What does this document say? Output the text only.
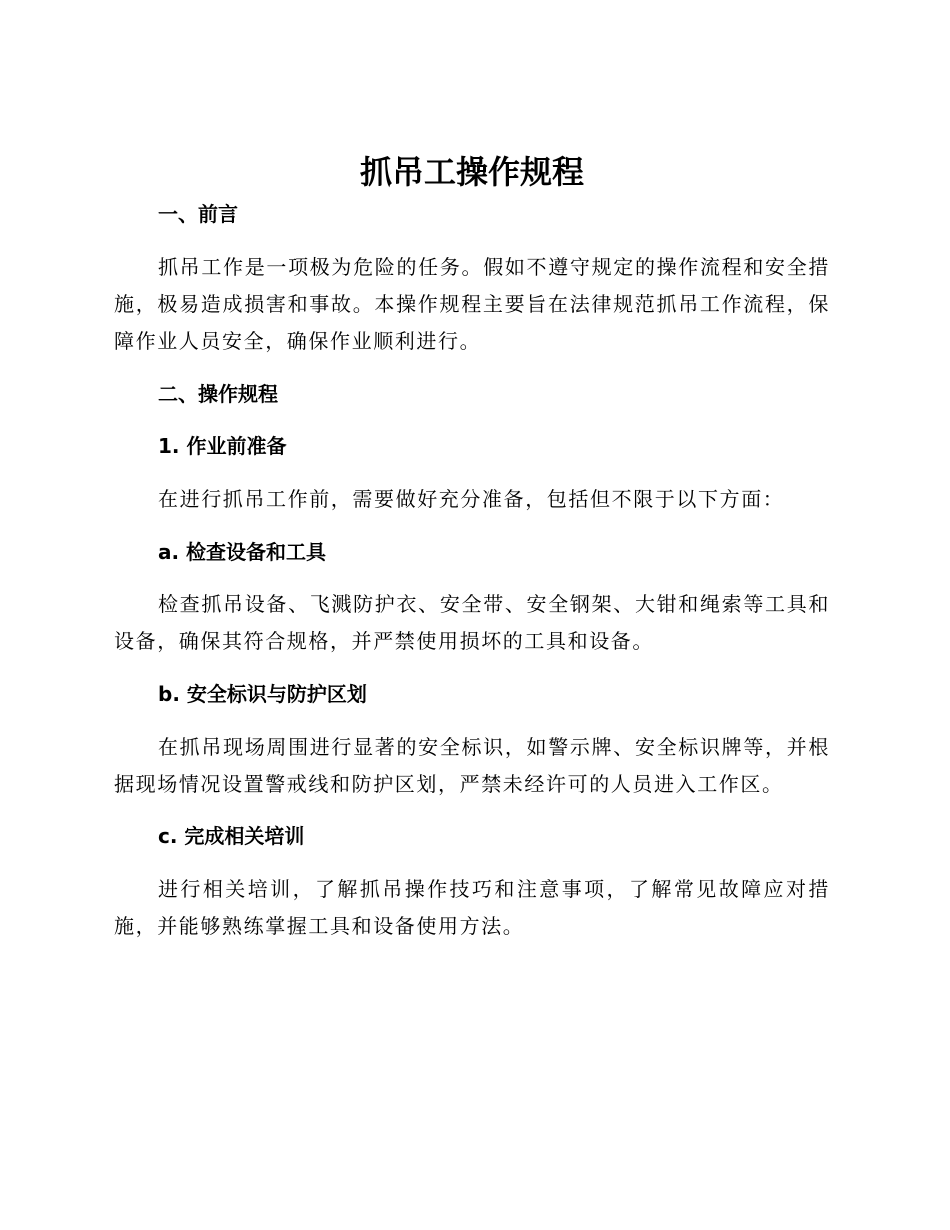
抓吊工操作规程
一、前言

抓吊工作是一项极为危险的任务。假如不遵守规定的操作流程和安全措施，极易造成损害和事故。本操作规程主要旨在法律规范抓吊工作流程，保障作业人员安全，确保作业顺利进行。

二、操作规程
1. 作业前准备

在进行抓吊工作前，需要做好充分准备，包括但不限于以下方面：

a. 检查设备和工具

检查抓吊设备、飞溅防护衣、安全带、安全钢架、大钳和绳索等工具和设备，确保其符合规格，并严禁使用损坏的工具和设备。

b. 安全标识与防护区划

在抓吊现场周围进行显著的安全标识，如警示牌、安全标识牌等，并根据现场情况设置警戒线和防护区划，严禁未经许可的人员进入工作区。

c. 完成相关培训

进行相关培训，了解抓吊操作技巧和注意事项，了解常见故障应对措施，并能够熟练掌握工具和设备使用方法。
